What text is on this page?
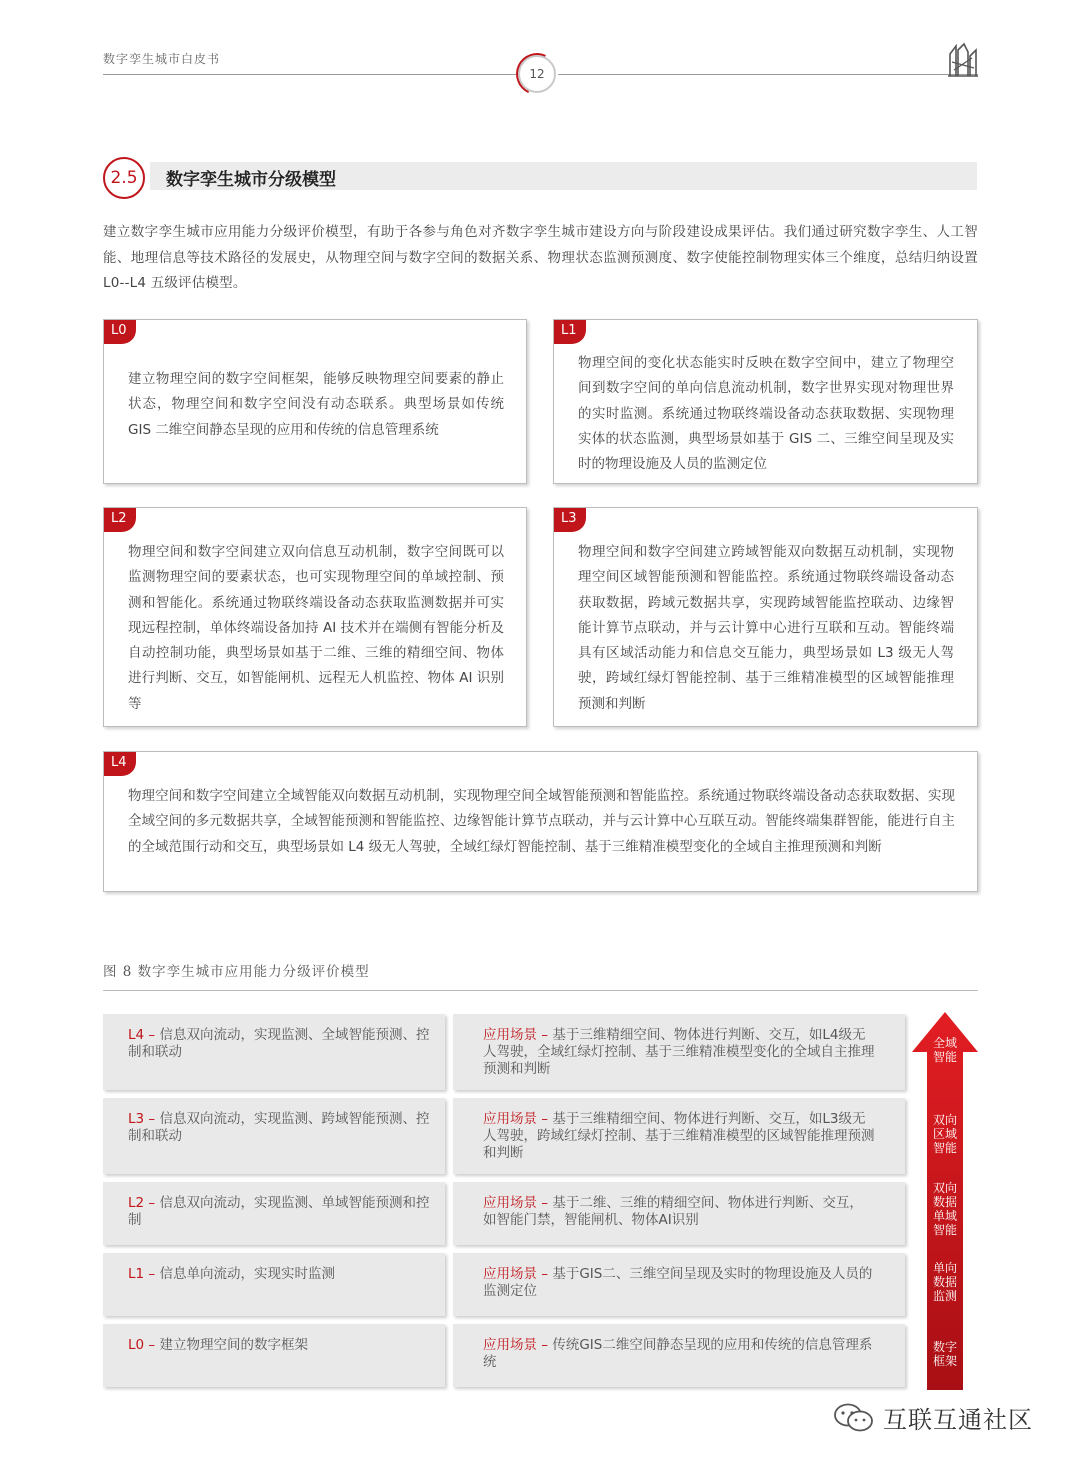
数字孪生城市白皮书
12
2.5 数字孪生城市分级模型
建立数字孪生城市应用能力分级评价模型，有助于各参与角色对齐数字孪生城市建设方向与阶段建设成果评估。我们通过研究数字孪生、人工智能、地理信息等技术路径的发展史，从物理空间与数字空间的数据关系、物理状态监测预测度、数字使能控制物理实体三个维度，总结归纳设置 L0--L4 五级评估模型。
L0
建立物理空间的数字空间框架，能够反映物理空间要素的静止状态，物理空间和数字空间没有动态联系。典型场景如传统 GIS 二维空间静态呈现的应用和传统的信息管理系统
L1
物理空间的变化状态能实时反映在数字空间中，建立了物理空间到数字空间的单向信息流动机制，数字世界实现对物理世界的实时监测。系统通过物联终端设备动态获取数据、实现物理实体的状态监测，典型场景如基于 GIS 二、三维空间呈现及实时的物理设施及人员的监测定位
L2
物理空间和数字空间建立双向信息互动机制，数字空间既可以监测物理空间的要素状态，也可实现物理空间的单域控制、预测和智能化。系统通过物联终端设备动态获取监测数据并可实现远程控制，单体终端设备加持 AI 技术并在端侧有智能分析及自动控制功能，典型场景如基于二维、三维的精细空间、物体进行判断、交互，如智能闸机、远程无人机监控、物体 AI 识别等
L3
物理空间和数字空间建立跨域智能双向数据互动机制，实现物理空间区域智能预测和智能监控。系统通过物联终端设备动态获取数据，跨域元数据共享，实现跨域智能监控联动、边缘智能计算节点联动，并与云计算中心进行互联和互动。智能终端具有区域活动能力和信息交互能力，典型场景如 L3 级无人驾驶，跨域红绿灯智能控制、基于三维精准模型的区域智能推理预测和判断
L4
物理空间和数字空间建立全域智能双向数据互动机制，实现物理空间全域智能预测和智能监控。系统通过物联终端设备动态获取数据、实现全域空间的多元数据共享，全域智能预测和智能监控、边缘智能计算节点联动，并与云计算中心互联互动。智能终端集群智能，能进行自主的全域范围行动和交互，典型场景如 L4 级无人驾驶，全域红绿灯智能控制、基于三维精准模型变化的全域自主推理预测和判断
图 8 数字孪生城市应用能力分级评价模型
L4 – 信息双向流动，实现监测、全域智能预测、控制和联动
应用场景 – 基于三维精细空间、物体进行判断、交互，如L4级无人驾驶，全域红绿灯控制、基于三维精准模型变化的全域自主推理预测和判断
L3 – 信息双向流动，实现监测、跨域智能预测、控制和联动
应用场景 – 基于三维精细空间、物体进行判断、交互，如L3级无人驾驶，跨域红绿灯控制、基于三维精准模型的区域智能推理预测和判断
L2 – 信息双向流动，实现监测、单域智能预测和控制
应用场景 – 基于二维、三维的精细空间、物体进行判断、交互，如智能门禁，智能闸机、物体AI识别
L1 – 信息单向流动，实现实时监测	应用场景 – 基于GIS二、三维空间呈现及实时的物理设施及人员的监测定位
L0 – 建立物理空间的数字框架	应用场景 – 传统GIS二维空间静态呈现的应用和传统的信息管理系统
全域
智能
双向
区域
智能
双向
数据
单域
智能
单向
数据
监测
数字
框架
互联互通社区
